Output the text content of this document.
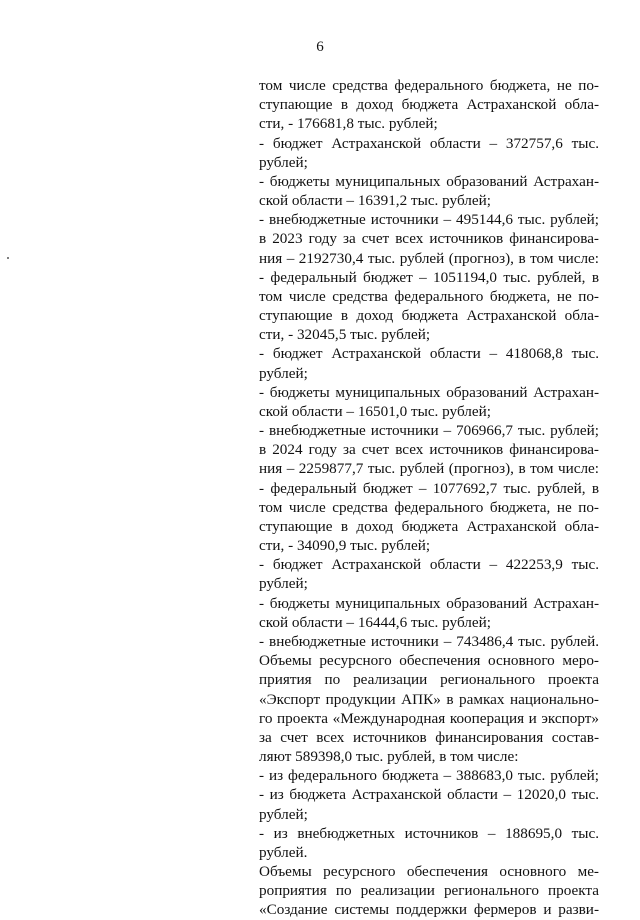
6
том числе средства федерального бюджета, не по-
ступающие в доход бюджета Астраханской обла-
сти, - 176681,8 тыс. рублей;
- бюджет Астраханской области – 372757,6 тыс.
рублей;
- бюджеты муниципальных образований Астрахан-
ской области – 16391,2 тыс. рублей;
- внебюджетные источники – 495144,6 тыс. рублей;
в 2023 году за счет всех источников финансирова-
ния – 2192730,4 тыс. рублей (прогноз), в том числе:
- федеральный бюджет – 1051194,0 тыс. рублей, в
том числе средства федерального бюджета, не по-
ступающие в доход бюджета Астраханской обла-
сти, - 32045,5 тыс. рублей;
- бюджет Астраханской области – 418068,8 тыс.
рублей;
- бюджеты муниципальных образований Астрахан-
ской области – 16501,0 тыс. рублей;
- внебюджетные источники – 706966,7 тыс. рублей;
в 2024 году за счет всех источников финансирова-
ния – 2259877,7 тыс. рублей (прогноз), в том числе:
- федеральный бюджет – 1077692,7 тыс. рублей, в
том числе средства федерального бюджета, не по-
ступающие в доход бюджета Астраханской обла-
сти, - 34090,9 тыс. рублей;
- бюджет Астраханской области – 422253,9 тыс.
рублей;
- бюджеты муниципальных образований Астрахан-
ской области – 16444,6 тыс. рублей;
- внебюджетные источники – 743486,4 тыс. рублей.
Объемы ресурсного обеспечения основного меро-
приятия по реализации регионального проекта
«Экспорт продукции АПК» в рамках национально-
го проекта «Международная кооперация и экспорт»
за счет всех источников финансирования состав-
ляют 589398,0 тыс. рублей, в том числе:
- из федерального бюджета – 388683,0 тыс. рублей;
- из бюджета Астраханской области – 12020,0 тыс.
рублей;
- из внебюджетных источников – 188695,0 тыс.
рублей.
Объемы ресурсного обеспечения основного ме-
роприятия по реализации регионального проекта
«Создание системы поддержки фермеров и разви-
